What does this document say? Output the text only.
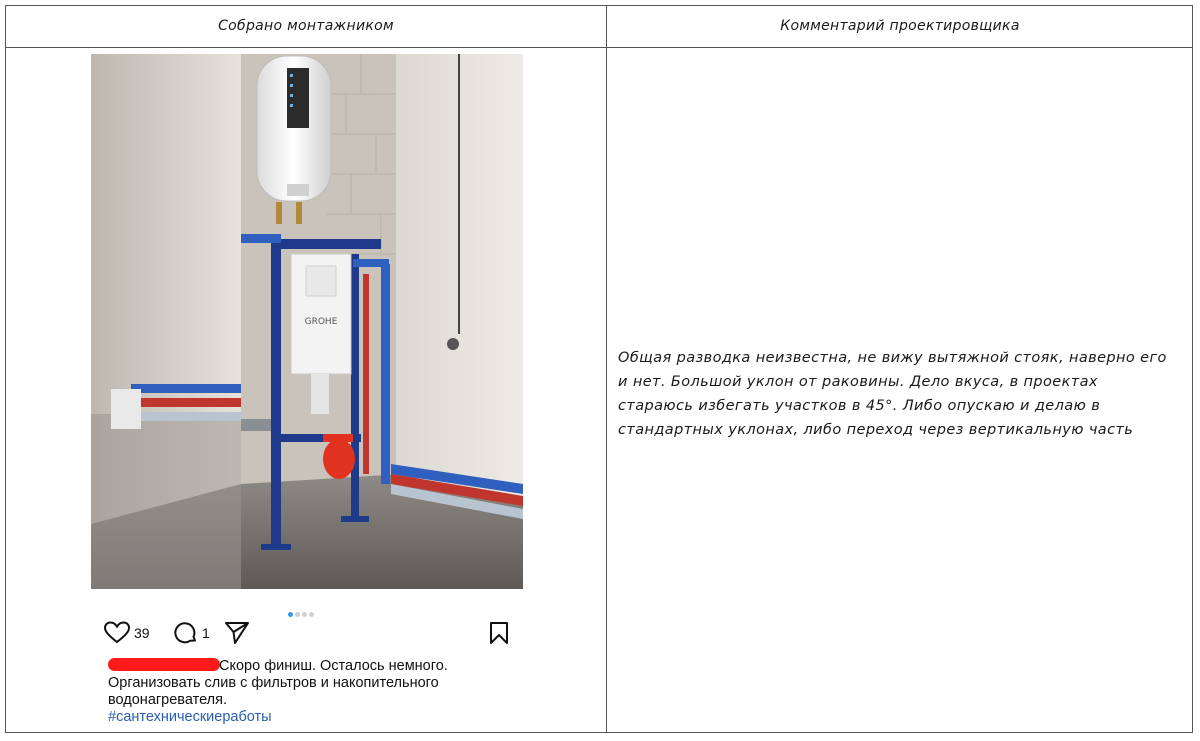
Собрано монтажником	Комментарий проектировщика
GROHE
39	1
Скоро финиш. Осталось немного.
Организовать слив с фильтров и накопительного
водонагревателя.
#сантехническиеработы
Общая разводка неизвестна, не вижу вытяжной стояк, наверно его и нет. Большой уклон от раковины. Дело вкуса, в проектах стараюсь избегать участков в 45°. Либо опускаю и делаю в стандартных уклонах, либо переход через вертикальную часть
